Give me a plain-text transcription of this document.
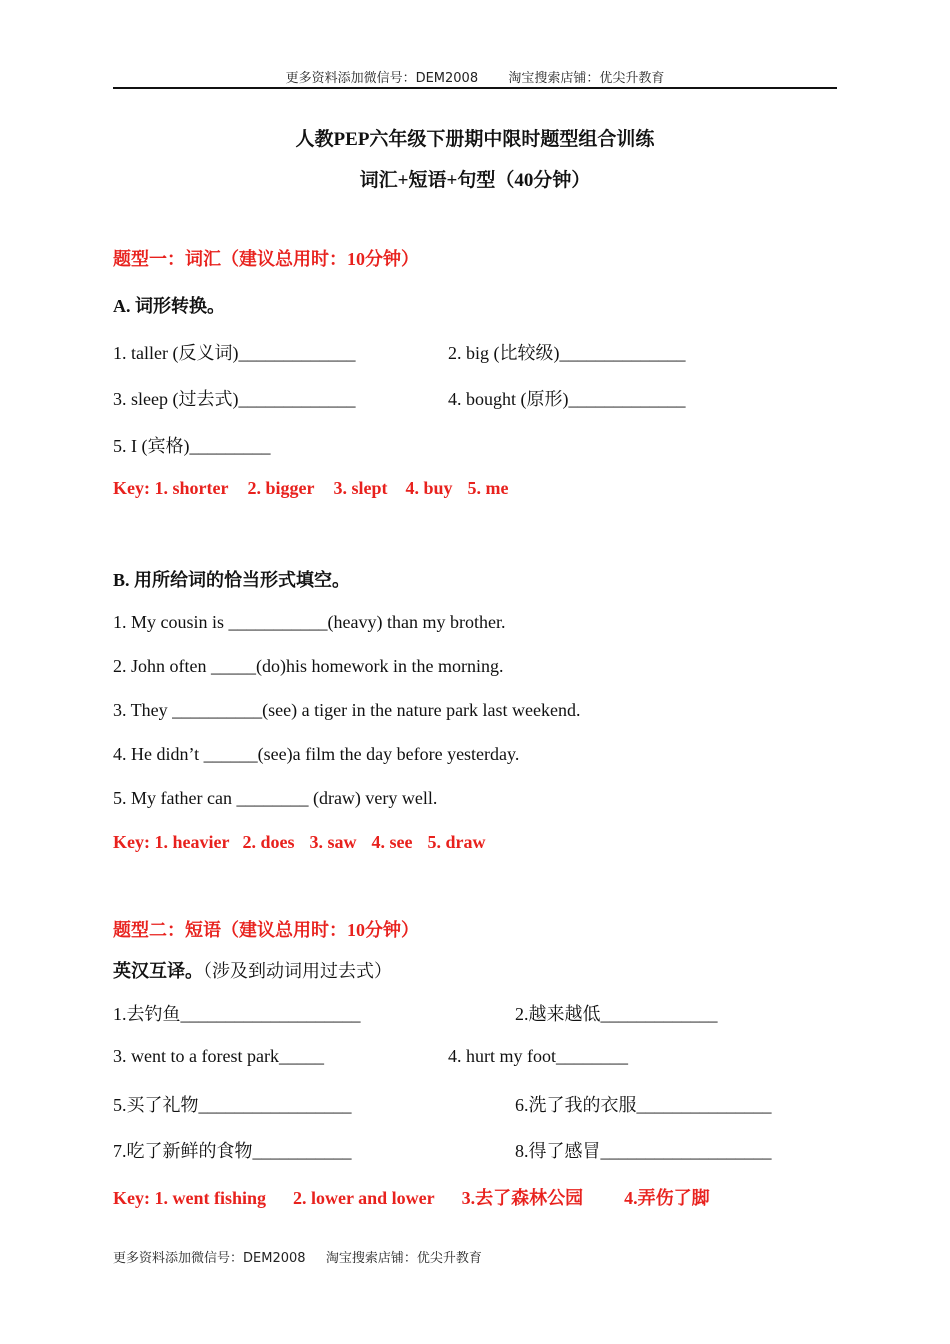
更多资料添加微信号：DEM2008 淘宝搜索店铺：优尖升教育
人教PEP六年级下册期中限时题型组合训练
词汇+短语+句型（40分钟）
题型一：词汇（建议总用时：10分钟）
A. 词形转换。
1. taller (反义词)_____________	2. big (比较级)______________
3. sleep (过去式)_____________	4. bought (原形)_____________
5. I (宾格)_________
Key: 1. shorter 2. bigger 3. slept 4. buy 5. me
B. 用所给词的恰当形式填空。
1. My cousin is ___________(heavy) than my brother.
2. John often _____(do)his homework in the morning.
3. They __________(see) a tiger in the nature park last weekend.
4. He didn’t ______(see)a film the day before yesterday.
5. My father can ________ (draw) very well.
Key: 1. heavier 2. does 3. saw 4. see 5. draw
题型二：短语（建议总用时：10分钟）
英汉互译。（涉及到动词用过去式）
1.去钓鱼____________________	2.越来越低_____________
3. went to a forest park_____	4. hurt my foot________
5.买了礼物_________________	6.洗了我的衣服_______________
7.吃了新鲜的食物___________	8.得了感冒___________________
Key: 1. went fishing 2. lower and lower 3.去了森林公园 4.弄伤了脚
更多资料添加微信号：DEM2008 淘宝搜索店铺：优尖升教育
